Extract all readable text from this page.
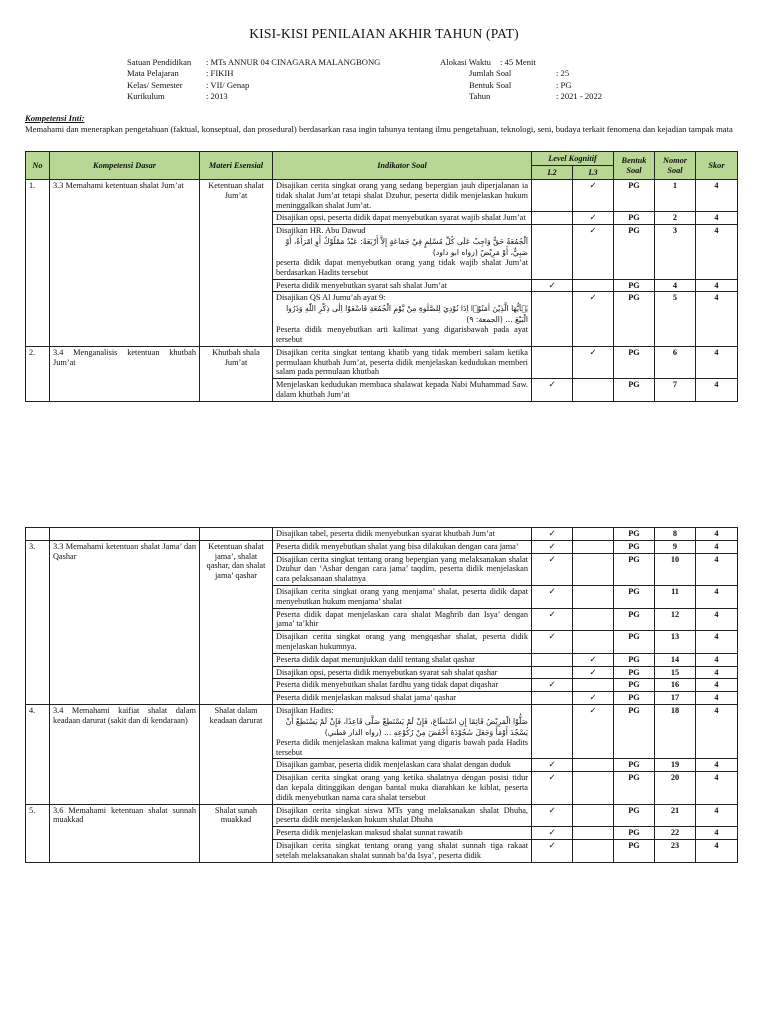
KISI-KISI PENILAIAN AKHIR TAHUN (PAT)
Satuan Pendidikan : MTs ANNUR 04 CINAGARA MALANGBONG
Mata Pelajaran	: FIKIH
Kelas/ Semester	: VII/ Genap
Kurikulum	: 2013
Alokasi Waktu : 45 Menit
Jumlah Soal	: 25
Bentuk Soal	: PG
Tahun	: 2021 - 2022
Kompetensi Inti:
Memahami dan menerapkan pengetahuan (faktual, konseptual, dan prosedural) berdasarkan rasa ingin tahunya tentang ilmu pengetahuan, teknologi, seni, budaya terkait fenomena dan kejadian tampak mata
No	Kompetensi Dasar	Materi Esensial	Indikator Soal	Level Kognitif		Bentuk Soal	Nomor Soal	Skor
				L2	L3			
1.	3.3 Memahami ketentuan shalat Jum’at	Ketentuan shalat Jum’at	Disajikan cerita singkat orang yang sedang bepergian jauh diperjalanan ia tidak shalat Jum’at tetapi shalat Dzuhur, peserta didik menjelaskan hukum meninggalkan shalat Jum’at.		✓	PG	1	4

			Disajikan opsi, peserta didik dapat menyebutkan syarat wajib shalat Jum’at		✓	PG	2	4

			Disajikan HR. Abu Dawud
اَلْجُمُعَةُ حَقٌّ وَاجِبٌ عَلَى كُلِّ مُسْلِمٍ فِيْ جَمَاعَةٍ إِلاَّ أَرْبَعَةً: عَبْدٌ مَمْلُوْكٌ أَوِ امْرَأَةٌ، أَوْ صَبِيٌّ، أَوْ مَرِيْضٌ (رواه ابو داود)
peserta didik dapat menyebutkan orang yang tidak wajib shalat Jum’at berdasarkan Hadits tersebut		✓	PG	3	4

			Peserta didik menyebutkan syarat sah shalat Jum’at	✓		PG	4	4

			Disajikan QS Al Jumu’ah ayat 9:
يٰۤاَيُّهَا الَّذِيْنَ اٰمَنُوْۤا اِذَا نُوْدِيَ لِلصَّلٰوةِ مِنْ يَّوْمِ الْجُمُعَةِ فَاسْعَوْا اِلٰى ذِكْرِ اللّٰهِ وَذَرُوا الْبَيْعَ ... (الجمعة: ٩)
Peserta didik menyebutkan arti kalimat yang digarisbawah pada ayat tersebut		✓	PG	5	4
2.	3.4 Menganalisis ketentuan khutbah Jum’at	Khutbah shala Jum’at	Disajikan cerita singkat tentang khatib yang tidak memberi salam ketika permulaan khutbah Jum’at, peserta didik menjelaskan kedudukan memberi salam pada permulaan khutbah		✓	PG	6	4

			Menjelaskan kedudukan membaca shalawat kepada Nabi Muhammad Saw. dalam khutbah Jum’at	✓		PG	7	4

			Disajikan tabel, peserta didik menyebutkan syarat khutbah Jum’at	✓		PG	8	4
3.	3.3 Memahami ketentuan shalat Jama’ dan Qashar	Ketentuan shalat jama’, shalat qashar, dan shalat jama’ qashar	Peserta didik menyebutkan shalat yang bisa dilakukan dengan cara jama’	✓		PG	9	4

			Disajikan cerita singkat tentang orang bepergian yang melaksanakan shalat Dzuhur dan ‘Ashar dengan cara jama’ taqdim, peserta didik menjelaskan cara pelaksanaan shalatnya	✓		PG	10	4

			Disajikan cerita singkat orang yang menjama’ shalat, peserta didik dapat menyebutkan hukum menjama’ shalat	✓		PG	11	4

			Peserta didik dapat menjelaskan cara shalat Maghrib dan Isya’ dengan jama’ ta’khir	✓		PG	12	4

			Disajikan cerita singkat orang yang mengqashar shalat, peserta didik menjelaskan hukumnya.	✓		PG	13	4

			Peserta didik dapat menunjukkan dalil tentang shalat qashar		✓	PG	14	4

			Disajikan opsi, peserta didik menyebutkan syarat sah shalat qashar		✓	PG	15	4

			Peserta didik menyebutkan shalat fardhu yang tidak dapat diqashar	✓		PG	16	4

			Peserta didik menjelaskan maksud shalat jama’ qashar		✓	PG	17	4
4.	3.4 Memahami kaifiat shalat dalam keadaan darurat (sakit dan di kendaraan)	Shalat dalam keadaan darurat	Disajikan Hadits:
صَلُّوْا الْمَرِيْضُ قَائِمًا إِنِ اسْتَطَاعَ، فَإِنْ لَمْ يَسْتَطِعْ صَلَّى قَاعِدًا، فَإِنْ لَمْ يَسْتَطِعْ أَنْ يَسْجُدَ أَوْمَأَ وَجَعَلَ سُجُوْدَهُ أَخْفَضَ مِنْ رُكُوْعِهِ ... (رواه الدار قطني)
Peserta didik menjelaskan makna kalimat yang digaris bawah pada Hadits tersebut		✓	PG	18	4

			Disajikan gambar, peserta didik menjelaskan cara shalat dengan duduk	✓		PG	19	4

			Disajikan cerita singkat orang yang ketika shalatnya dengan posisi tidur dan kepala ditinggikan dengan bantal muka diarahkan ke kiblat, peserta didik menyebutkan nama cara shalat tersebut	✓		PG	20	4
5.	3.6 Memahami ketentuan shalat sunnah muakkad	Shalat sunah muakkad	Disajikan cerita singkat siswa MTs yang melaksanakan shalat Dhuha, peserta didik menjelaskan hukum shalat Dhuha	✓		PG	21	4

			Peserta didik menjelaskan maksud shalat sunnat rawatib	✓		PG	22	4

			Disajikan cerita singkat tentang orang yang shalat sunnah tiga rakaat setelah melaksanakan shalat sunnah ba’da Isya’, peserta didik	✓		PG	23	4
